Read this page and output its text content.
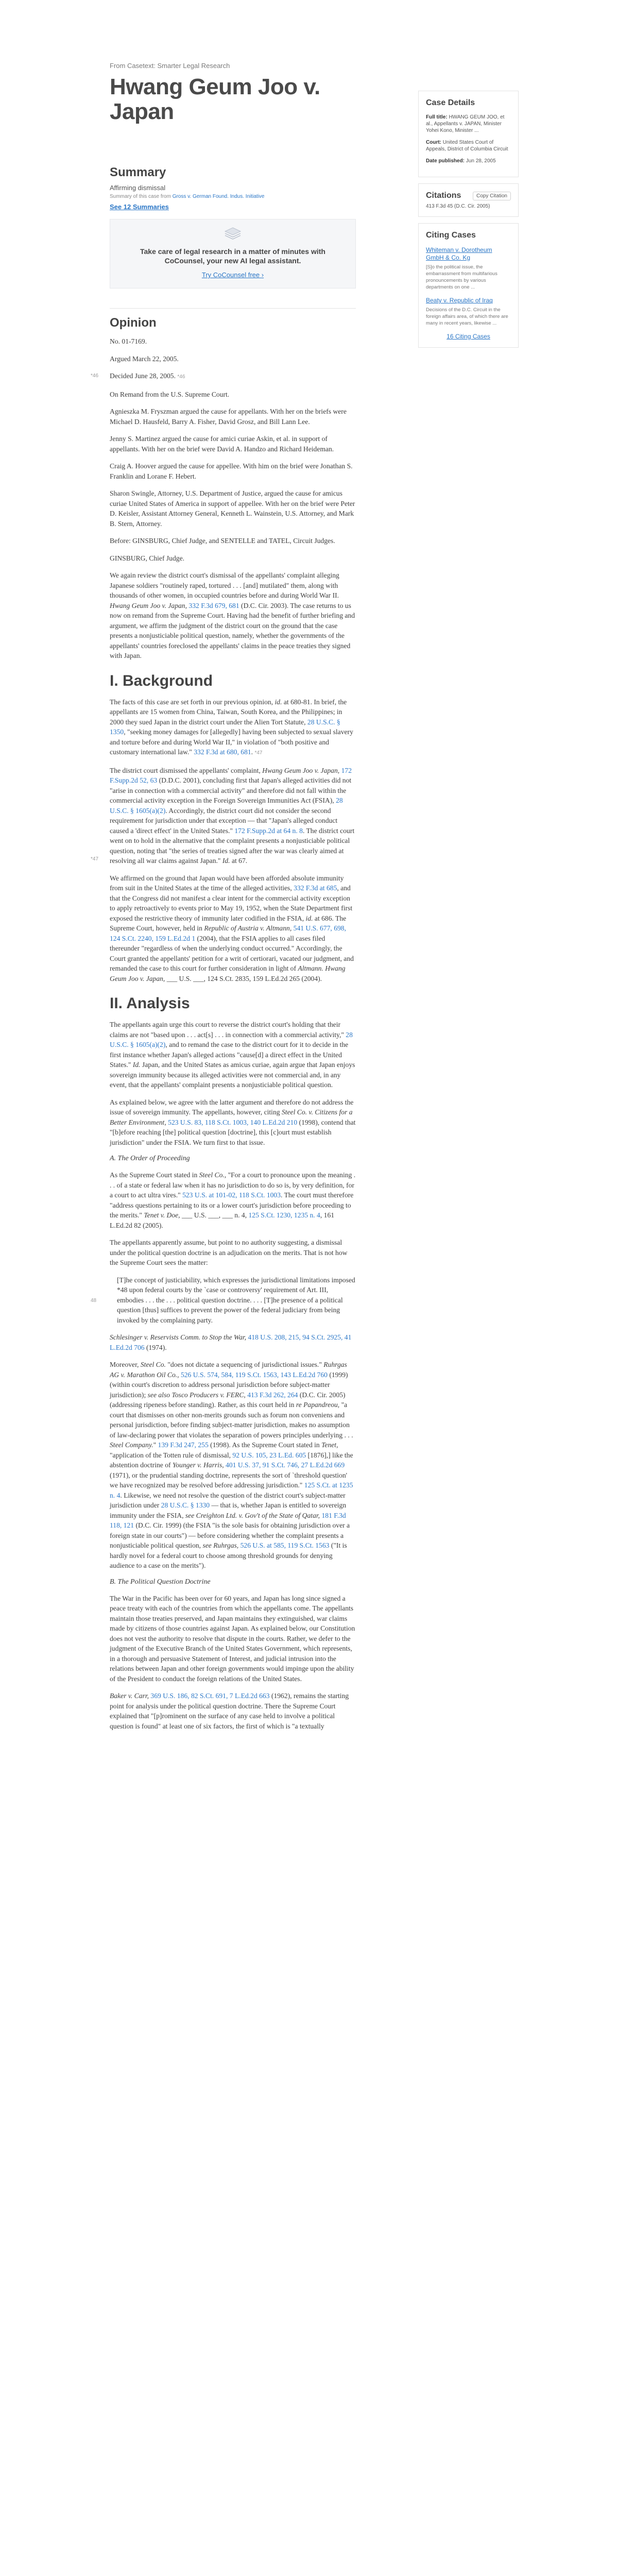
From Casetext: Smarter Legal Research
Hwang Geum Joo v. Japan
Summary
Affirming dismissal
Summary of this case from Gross v. German Found. Indus. Initiative
See 12 Summaries
Take care of legal research in a matter of minutes with CoCounsel, your new AI legal assistant.
Try CoCounsel free ›
Opinion

No. 01-7169.

Argued March 22, 2005.

*46 Decided June 28, 2005. *46

On Remand from the U.S. Supreme Court.

Agnieszka M. Fryszman argued the cause for appellants. With her on the briefs were Michael D. Hausfeld, Barry A. Fisher, David Grosz, and Bill Lann Lee.

Jenny S. Martinez argued the cause for amici curiae Askin, et al. in support of appellants. With her on the brief were David A. Handzo and Richard Heideman.

Craig A. Hoover argued the cause for appellee. With him on the brief were Jonathan S. Franklin and Lorane F. Hebert.

Sharon Swingle, Attorney, U.S. Department of Justice, argued the cause for amicus curiae United States of America in support of appellee. With her on the brief were Peter D. Keisler, Assistant Attorney General, Kenneth L. Wainstein, U.S. Attorney, and Mark B. Stern, Attorney.

Before: GINSBURG, Chief Judge, and SENTELLE and TATEL, Circuit Judges.

GINSBURG, Chief Judge.

We again review the district court's dismissal of the appellants' complaint alleging Japanese soldiers "routinely raped, tortured . . . [and] mutilated" them, along with thousands of other women, in occupied countries before and during World War II. Hwang Geum Joo v. Japan, 332 F.3d 679, 681 (D.C. Cir. 2003). The case returns to us now on remand from the Supreme Court. Having had the benefit of further briefing and argument, we affirm the judgment of the district court on the ground that the case presents a nonjusticiable political question, namely, whether the governments of the appellants' countries foreclosed the appellants' claims in the peace treaties they signed with Japan.

I. Background

*47
The facts of this case are set forth in our previous opinion, id. at 680-81. In brief, the appellants are 15 women from China, Taiwan, South Korea, and the Philippines; in 2000 they sued Japan in the district court under the Alien Tort Statute, 28 U.S.C. § 1350, "seeking money damages for [allegedly] having been subjected to sexual slavery and torture before and during World War II," in violation of "both positive and customary international law." 332 F.3d at 680, 681. *47

The district court dismissed the appellants' complaint, Hwang Geum Joo v. Japan, 172 F.Supp.2d 52, 63 (D.D.C. 2001), concluding first that Japan's alleged activities did not "arise in connection with a commercial activity" and therefore did not fall within the commercial activity exception in the Foreign Sovereign Immunities Act (FSIA), 28 U.S.C. § 1605(a)(2). Accordingly, the district court did not consider the second requirement for jurisdiction under that exception — that "Japan's alleged conduct caused a 'direct effect' in the United States." 172 F.Supp.2d at 64 n. 8. The district court went on to hold in the alternative that the complaint presents a nonjusticiable political question, noting that "the series of treaties signed after the war was clearly aimed at resolving all war claims against Japan." Id. at 67.

We affirmed on the ground that Japan would have been afforded absolute immunity from suit in the United States at the time of the alleged activities, 332 F.3d at 685, and that the Congress did not manifest a clear intent for the commercial activity exception to apply retroactively to events prior to May 19, 1952, when the State Department first exposed the restrictive theory of immunity later codified in the FSIA, id. at 686. The Supreme Court, however, held in Republic of Austria v. Altmann, 541 U.S. 677, 698, 124 S.Ct. 2240, 159 L.Ed.2d 1 (2004), that the FSIA applies to all cases filed thereunder "regardless of when the underlying conduct occurred." Accordingly, the Court granted the appellants' petition for a writ of certiorari, vacated our judgment, and remanded the case to this court for further consideration in light of Altmann. Hwang Geum Joo v. Japan, ___ U.S. ___, 124 S.Ct. 2835, 159 L.Ed.2d 265 (2004).

II. Analysis

The appellants again urge this court to reverse the district court's holding that their claims are not "based upon . . . act[s] . . . in connection with a commercial activity," 28 U.S.C. § 1605(a)(2), and to remand the case to the district court for it to decide in the first instance whether Japan's alleged actions "cause[d] a direct effect in the United States." Id. Japan, and the United States as amicus curiae, again argue that Japan enjoys sovereign immunity because its alleged activities were not commercial and, in any event, that the appellants' complaint presents a nonjusticiable political question.

As explained below, we agree with the latter argument and therefore do not address the issue of sovereign immunity. The appellants, however, citing Steel Co. v. Citizens for a Better Environment, 523 U.S. 83, 118 S.Ct. 1003, 140 L.Ed.2d 210 (1998), contend that "[b]efore reaching [the] political question [doctrine], this [c]ourt must establish jurisdiction" under the FSIA. We turn first to that issue.

A. The Order of Proceeding

As the Supreme Court stated in Steel Co., "For a court to pronounce upon the meaning . . . of a state or federal law when it has no jurisdiction to do so is, by very definition, for a court to act ultra vires." 523 U.S. at 101-02, 118 S.Ct. 1003. The court must therefore "address questions pertaining to its or a lower court's jurisdiction before proceeding to the merits." Tenet v. Doe, ___ U.S. ___, ___ n. 4, 125 S.Ct. 1230, 1235 n. 4, 161 L.Ed.2d 82 (2005).

The appellants apparently assume, but point to no authority suggesting, a dismissal under the political question doctrine is an adjudication on the merits. That is not how the Supreme Court sees the matter:

48
[T]he concept of justiciability, which expresses the jurisdictional limitations imposed *48 upon federal courts by the `case or controversy' requirement of Art. III, embodies . . . the . . . political question doctrine. . . . [T]he presence of a political question [thus] suffices to prevent the power of the federal judiciary from being invoked by the complaining party.

Schlesinger v. Reservists Comm. to Stop the War, 418 U.S. 208, 215, 94 S.Ct. 2925, 41 L.Ed.2d 706 (1974).

Moreover, Steel Co. "does not dictate a sequencing of jurisdictional issues." Ruhrgas AG v. Marathon Oil Co., 526 U.S. 574, 584, 119 S.Ct. 1563, 143 L.Ed.2d 760 (1999) (within court's discretion to address personal jurisdiction before subject-matter jurisdiction); see also Tosco Producers v. FERC, 413 F.3d 262, 264 (D.C. Cir. 2005) (addressing ripeness before standing). Rather, as this court held in re Papandreou, "a court that dismisses on other non-merits grounds such as forum non conveniens and personal jurisdiction, before finding subject-matter jurisdiction, makes no assumption of law-declaring power that violates the separation of powers principles underlying . . . Steel Company." 139 F.3d 247, 255 (1998). As the Supreme Court stated in Tenet, "application of the Totten rule of dismissal, 92 U.S. 105, 23 L.Ed. 605 [1876],] like the abstention doctrine of Younger v. Harris, 401 U.S. 37, 91 S.Ct. 746, 27 L.Ed.2d 669 (1971), or the prudential standing doctrine, represents the sort of `threshold question' we have recognized may be resolved before addressing jurisdiction." 125 S.Ct. at 1235 n. 4. Likewise, we need not resolve the question of the district court's subject-matter jurisdiction under 28 U.S.C. § 1330 — that is, whether Japan is entitled to sovereign immunity under the FSIA, see Creighton Ltd. v. Gov't of the State of Qatar, 181 F.3d 118, 121 (D.C. Cir. 1999) (the FSIA "is the sole basis for obtaining jurisdiction over a foreign state in our courts") — before considering whether the complaint presents a nonjusticiable political question, see Ruhrgas, 526 U.S. at 585, 119 S.Ct. 1563 ("It is hardly novel for a federal court to choose among threshold grounds for denying audience to a case on the merits").

B. The Political Question Doctrine

The War in the Pacific has been over for 60 years, and Japan has long since signed a peace treaty with each of the countries from which the appellants come. The appellants maintain those treaties preserved, and Japan maintains they extinguished, war claims made by citizens of those countries against Japan. As explained below, our Constitution does not vest the authority to resolve that dispute in the courts. Rather, we defer to the judgment of the Executive Branch of the United States Government, which represents, in a thorough and persuasive Statement of Interest, and judicial intrusion into the relations between Japan and other foreign governments would impinge upon the ability of the President to conduct the foreign relations of the United States.

Baker v. Carr, 369 U.S. 186, 82 S.Ct. 691, 7 L.Ed.2d 663 (1962), remains the starting point for analysis under the political question doctrine. There the Supreme Court explained that "[p]rominent on the surface of any case held to involve a political question is found" at least one of six factors, the first of which is "a textually

Case Details
Full title: HWANG GEUM JOO, et al., Appellants v. JAPAN, Minister Yohei Kono, Minister ...
Court: United States Court of Appeals, District of Columbia Circuit
Date published: Jun 28, 2005
Citations	Copy Citation
413 F.3d 45 (D.C. Cir. 2005)
Citing Cases
Whiteman v. Dorotheum GmbH & Co. Kg
[S]o the political issue, the embarrassment from multifarious pronouncements by various departments on one ...
Beaty v. Republic of Iraq
Decisions of the D.C. Circuit in the foreign affairs area, of which there are many in recent years, likewise ...
16 Citing Cases
